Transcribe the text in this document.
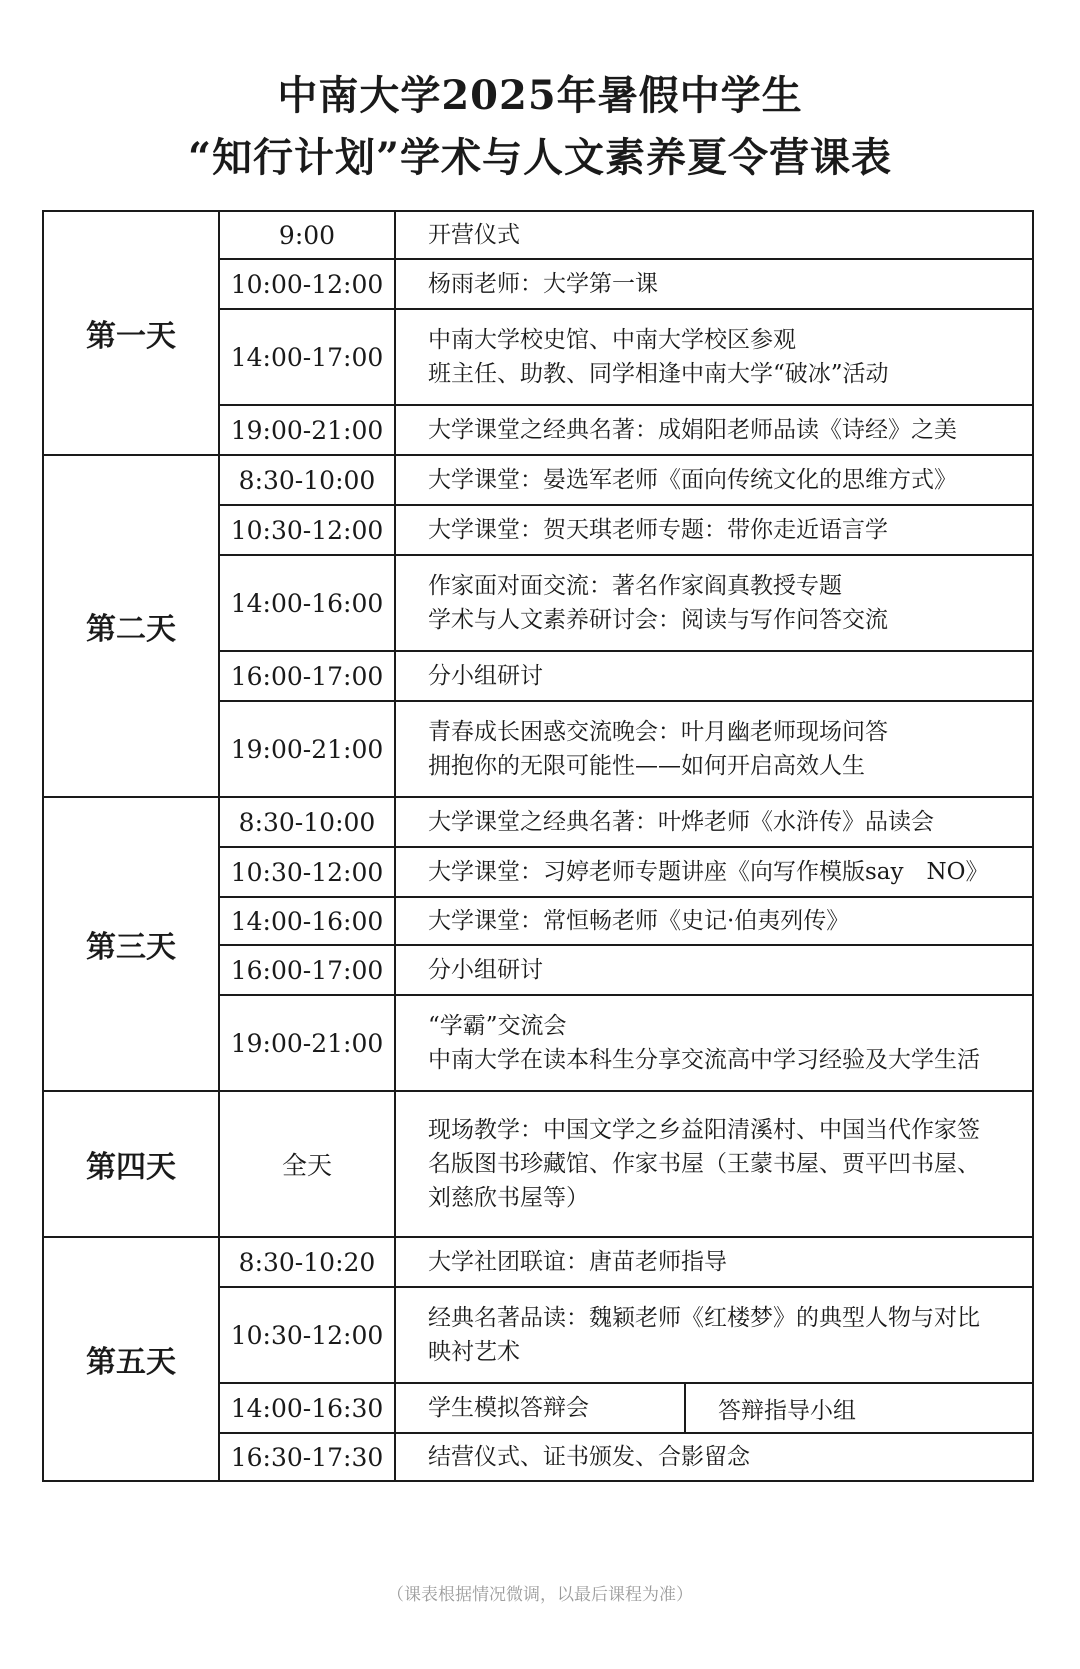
中南大学2025年暑假中学生
“知行计划”学术与人文素养夏令营课表
第一天	9:00	开营仪式	

	10:00-12:00	杨雨老师：大学第一课	

	14:00-17:00	中南大学校史馆、中南大学校区参观
班主任、助教、同学相逢中南大学“破冰”活动	

	19:00-21:00	大学课堂之经典名著：成娟阳老师品读《诗经》之美	

第二天	8:30-10:00	大学课堂：晏选军老师《面向传统文化的思维方式》	

	10:30-12:00	大学课堂：贺天琪老师专题：带你走近语言学	

	14:00-16:00	作家面对面交流：著名作家阎真教授专题
学术与人文素养研讨会：阅读与写作问答交流	

	16:00-17:00	分小组研讨	

	19:00-21:00	青春成长困惑交流晚会：叶月幽老师现场问答
拥抱你的无限可能性——如何开启高效人生	

第三天	8:30-10:00	大学课堂之经典名著：叶烨老师《水浒传》品读会	

	10:30-12:00	大学课堂：习婷老师专题讲座《向写作模版say　NO》	

	14:00-16:00	大学课堂：常恒畅老师《史记·伯夷列传》	

	16:00-17:00	分小组研讨	

	19:00-21:00	“学霸”交流会
中南大学在读本科生分享交流高中学习经验及大学生活	

第四天	全天	现场教学：中国文学之乡益阳清溪村、中国当代作家签
名版图书珍藏馆、作家书屋（王蒙书屋、贾平凹书屋、
刘慈欣书屋等）	

第五天	8:30-10:20	大学社团联谊：唐苗老师指导	

	10:30-12:00	经典名著品读：魏颖老师《红楼梦》的典型人物与对比
映衬艺术	

	14:00-16:30	学生模拟答辩会	答辩指导小组
	16:30-17:30	结营仪式、证书颁发、合影留念	
（课表根据情况微调，以最后课程为准）
